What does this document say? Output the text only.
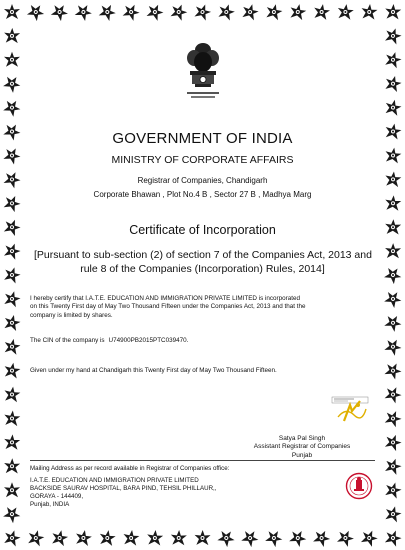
GOVERNMENT OF INDIA
MINISTRY OF CORPORATE AFFAIRS
Registrar of Companies, Chandigarh
Corporate Bhawan , Plot No.4 B , Sector 27 B , Madhya Marg
Certificate of Incorporation
[Pursuant to sub-section (2) of section 7 of the Companies Act, 2013 and
rule 8 of the Companies (Incorporation) Rules, 2014]
I hereby certify that I.A.T.E. EDUCATION AND IMMIGRATION PRIVATE LIMITED is incorporated
on this Twenty First day of May Two Thousand Fifteen under the Companies Act, 2013 and that the
company is limited by shares.
The CIN of the company is U74900PB2015PTC039470.
Given under my hand at Chandigarh this Twenty First day of May Two Thousand Fifteen.
Satya Pal Singh
Assistant Registrar of Companies
Punjab
Mailing Address as per record available in Registrar of Companies office:
I.A.T.E. EDUCATION AND IMMIGRATION PRIVATE LIMITED
BACKSIDE SAURAV HOSPITAL, BARA PIND, TEHSIL PHILLAUR,,
GORAYA - 144409,
Punjab, INDIA
